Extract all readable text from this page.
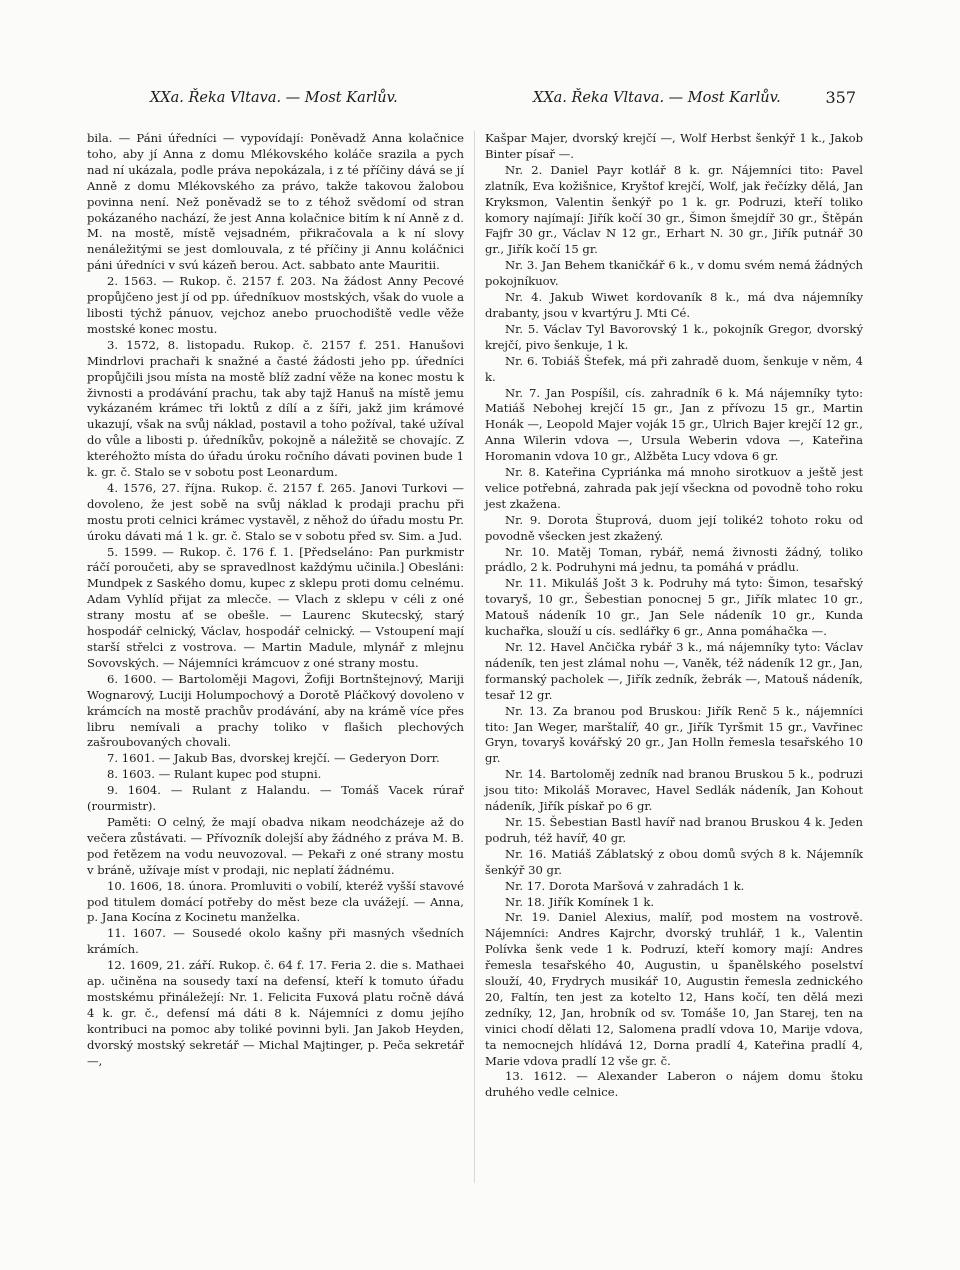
XXa. Řeka Vltava. — Most Karlův.	XXa. Řeka Vltava. — Most Karlův.	357

bila. — Páni úředníci — vypovídají: Poněvadž Anna kolačnice toho, aby jí Anna z domu Mlékovského koláče srazila a pych nad ní ukázala, podle práva nepokázala, i z té příčiny dává se jí Anně z domu Mlékovského za právo, takže takovou žalobou povinna není. Než poněvadž se to z téhož svědomí od stran pokázaného nachází, že jest Anna kolačnice bitím k ní Anně z d. M. na mostě, místě vejsadném, přikračovala a k ní slovy nenáležitými se jest domlouvala, z té příčiny ji Annu koláčnici páni úředníci v svú kázeň berou. Act. sabbato ante Mauritii.

2. 1563. — Rukop. č. 2157 f. 203. Na žádost Anny Pecové propůjčeno jest jí od pp. úředníkuov mostských, však do vuole a libosti týchž pánuov, vejchoz anebo pruochodiště vedle věže mostské konec mostu.

3. 1572, 8. listopadu. Rukop. č. 2157 f. 251. Hanušovi Mindrlovi prachaři k snažné a časté žádosti jeho pp. úředníci propůjčili jsou místa na mostě blíž zadní věže na konec mostu k živnosti a prodávání prachu, tak aby tajž Hanuš na místě jemu vykázaném krámec tři loktů z dílí a z šíři, jakž jim krámové ukazují, však na svůj náklad, postavil a toho požíval, také užíval do vůle a libosti p. úředníkův, pokojně a náležitě se chovajíc. Z kteréhožto místa do úřadu úroku ročního dávati povinen bude 1 k. gr. č. Stalo se v sobotu post Leonardum.

4. 1576, 27. října. Rukop. č. 2157 f. 265. Janovi Turkovi — dovoleno, že jest sobě na svůj náklad k prodaji prachu při mostu proti celnici krámec vystavěl, z něhož do úřadu mostu Pr. úroku dávati má 1 k. gr. č. Stalo se v sobotu před sv. Sim. a Jud.

5. 1599. — Rukop. č. 176 f. 1. [Předseláno: Pan purkmistr ráčí poroučeti, aby se spravedlnost každýmu učinila.] Obesláni: Mundpek z Saského domu, kupec z sklepu proti domu celnému. Adam Vyhlíd přijat za mlecče. — Vlach z sklepu v céli z oné strany mostu ať se obešle. — Laurenc Skutecský, starý hospodář celnický, Václav, hospodář celnický. — Vstoupení mají starší střelci z vostrova. — Martin Madule, mlynář z mlejnu Sovovských. — Nájemníci krámcuov z oné strany mostu.

6. 1600. — Bartoloměji Magovi, Žofiji Bortnštejnový, Mariji Wognarový, Luciji Holumpochový a Dorotě Pláčkový dovoleno v krámcích na mostě prachův prodávání, aby na krámě více přes libru nemívali a prachy toliko v flašich plechových zašroubovaných chovali.

7. 1601. — Jakub Bas, dvorskej krejčí. — Gederyon Dorr.

8. 1603. — Rulant kupec pod stupni.

9. 1604. — Rulant z Halandu. — Tomáš Vacek rúrař (rourmistr).

Paměti: O celný, že mají obadva nikam neodcházeje až do večera zůstávati. — Přívozník dolejší aby žádného z práva M. B. pod řetězem na vodu neuvozoval. — Pekaři z oné strany mostu v bráně, užívaje míst v prodaji, nic neplatí žádnému.

10. 1606, 18. února. Promluviti o vobilí, kteréž vyšší stavové pod titulem domácí potřeby do měst beze cla uvážejí. — Anna, p. Jana Kocína z Kocinetu manželka.

11. 1607. — Sousedé okolo kašny při masných všedních krámích.

12. 1609, 21. září. Rukop. č. 64 f. 17. Feria 2. die s. Mathaei ap. učiněna na sousedy taxí na defensí, kteří k tomuto úřadu mostskému přináležejí: Nr. 1. Felicita Fuxová platu ročně dává 4 k. gr. č., defensí má dáti 8 k. Nájemníci z domu jejího kontribuci na pomoc aby toliké povinni byli. Jan Jakob Heyden, dvorský mostský sekretář — Michal Majtinger, p. Peča sekretář —,

Kašpar Majer, dvorský krejčí —, Wolf Herbst šenkýř 1 k., Jakob Binter písař —.

Nr. 2. Daniel Payr kotlář 8 k. gr. Nájemníci tito: Pavel zlatník, Eva kožišnice, Kryštof krejčí, Wolf, jak řečízky dělá, Jan Kryksmon, Valentin šenkýř po 1 k. gr. Podruzi, kteří toliko komory najímají: Jiřík kočí 30 gr., Šimon šmejdíř 30 gr., Štěpán Fajfr 30 gr., Václav N 12 gr., Erhart N. 30 gr., Jiřík putnář 30 gr., Jiřík kočí 15 gr.

Nr. 3. Jan Behem tkaničkář 6 k., v domu svém nemá žádných pokojníkuov.

Nr. 4. Jakub Wiwet kordovaník 8 k., má dva nájemníky drabanty, jsou v kvartýru J. Mti Cé.

Nr. 5. Václav Tyl Bavorovský 1 k., pokojník Gregor, dvorský krejčí, pivo šenkuje, 1 k.

Nr. 6. Tobiáš Štefek, má při zahradě duom, šenkuje v něm, 4 k.

Nr. 7. Jan Pospíšil, cís. zahradník 6 k. Má nájemníky tyto: Matiáš Nebohej krejčí 15 gr., Jan z přívozu 15 gr., Martin Honák —, Leopold Majer voják 15 gr., Ulrich Bajer krejčí 12 gr., Anna Wilerin vdova —, Ursula Weberin vdova —, Kateřina Horomanin vdova 10 gr., Alžběta Lucy vdova 6 gr.

Nr. 8. Kateřina Cypriánka má mnoho sirotkuov a ještě jest velice potřebná, zahrada pak její všeckna od povodně toho roku jest zkažena.

Nr. 9. Dorota Štuprová, duom její toliké2 tohoto roku od povodně všecken jest zkažený.

Nr. 10. Matěj Toman, rybář, nemá živnosti žádný, toliko prádlo, 2 k. Podruhyni má jednu, ta pomáhá v prádlu.

Nr. 11. Mikuláš Jošt 3 k. Podruhy má tyto: Šimon, tesařský tovaryš, 10 gr., Šebestian ponocnej 5 gr., Jiřík mlatec 10 gr., Matouš nádeník 10 gr., Jan Sele nádeník 10 gr., Kunda kuchařka, slouží u cís. sedlářky 6 gr., Anna pomáhačka —.

Nr. 12. Havel Ančička rybář 3 k., má nájemníky tyto: Václav nádeník, ten jest zlámal nohu —, Vaněk, též nádeník 12 gr., Jan, formanský pacholek —, Jiřík zedník, žebrák —, Matouš nádeník, tesař 12 gr.

Nr. 13. Za branou pod Bruskou: Jiřík Renč 5 k., nájemníci tito: Jan Weger, marštalíř, 40 gr., Jiřík Tyršmit 15 gr., Vavřinec Gryn, tovaryš kovářský 20 gr., Jan Holln řemesla tesařského 10 gr.

Nr. 14. Bartoloměj zedník nad branou Bruskou 5 k., podruzi jsou tito: Mikoláš Moravec, Havel Sedlák nádeník, Jan Kohout nádeník, Jiřík pískař po 6 gr.

Nr. 15. Šebestian Bastl havíř nad branou Bruskou 4 k. Jeden podruh, též havíř, 40 gr.

Nr. 16. Matiáš Záblatský z obou domů svých 8 k. Nájemník šenkýř 30 gr.

Nr. 17. Dorota Maršová v zahradách 1 k.

Nr. 18. Jiřík Komínek 1 k.

Nr. 19. Daniel Alexius, malíř, pod mostem na vostrově. Nájemníci: Andres Kajrchr, dvorský truhlář, 1 k., Valentin Polívka šenk vede 1 k. Podruzí, kteří komory mají: Andres řemesla tesařského 40, Augustin, u španělského poselství slouží, 40, Frydrych musikář 10, Augustin řemesla zednického 20, Faltín, ten jest za kotelto 12, Hans kočí, ten dělá mezi zedníky, 12, Jan, hrobník od sv. Tomáše 10, Jan Starej, ten na vinici chodí dělati 12, Salomena pradlí vdova 10, Marije vdova, ta nemocnejch hlídává 12, Dorna pradlí 4, Kateřina pradlí 4, Marie vdova pradlí 12 vše gr. č.

13. 1612. — Alexander Laberon o nájem domu štoku druhého vedle celnice.
